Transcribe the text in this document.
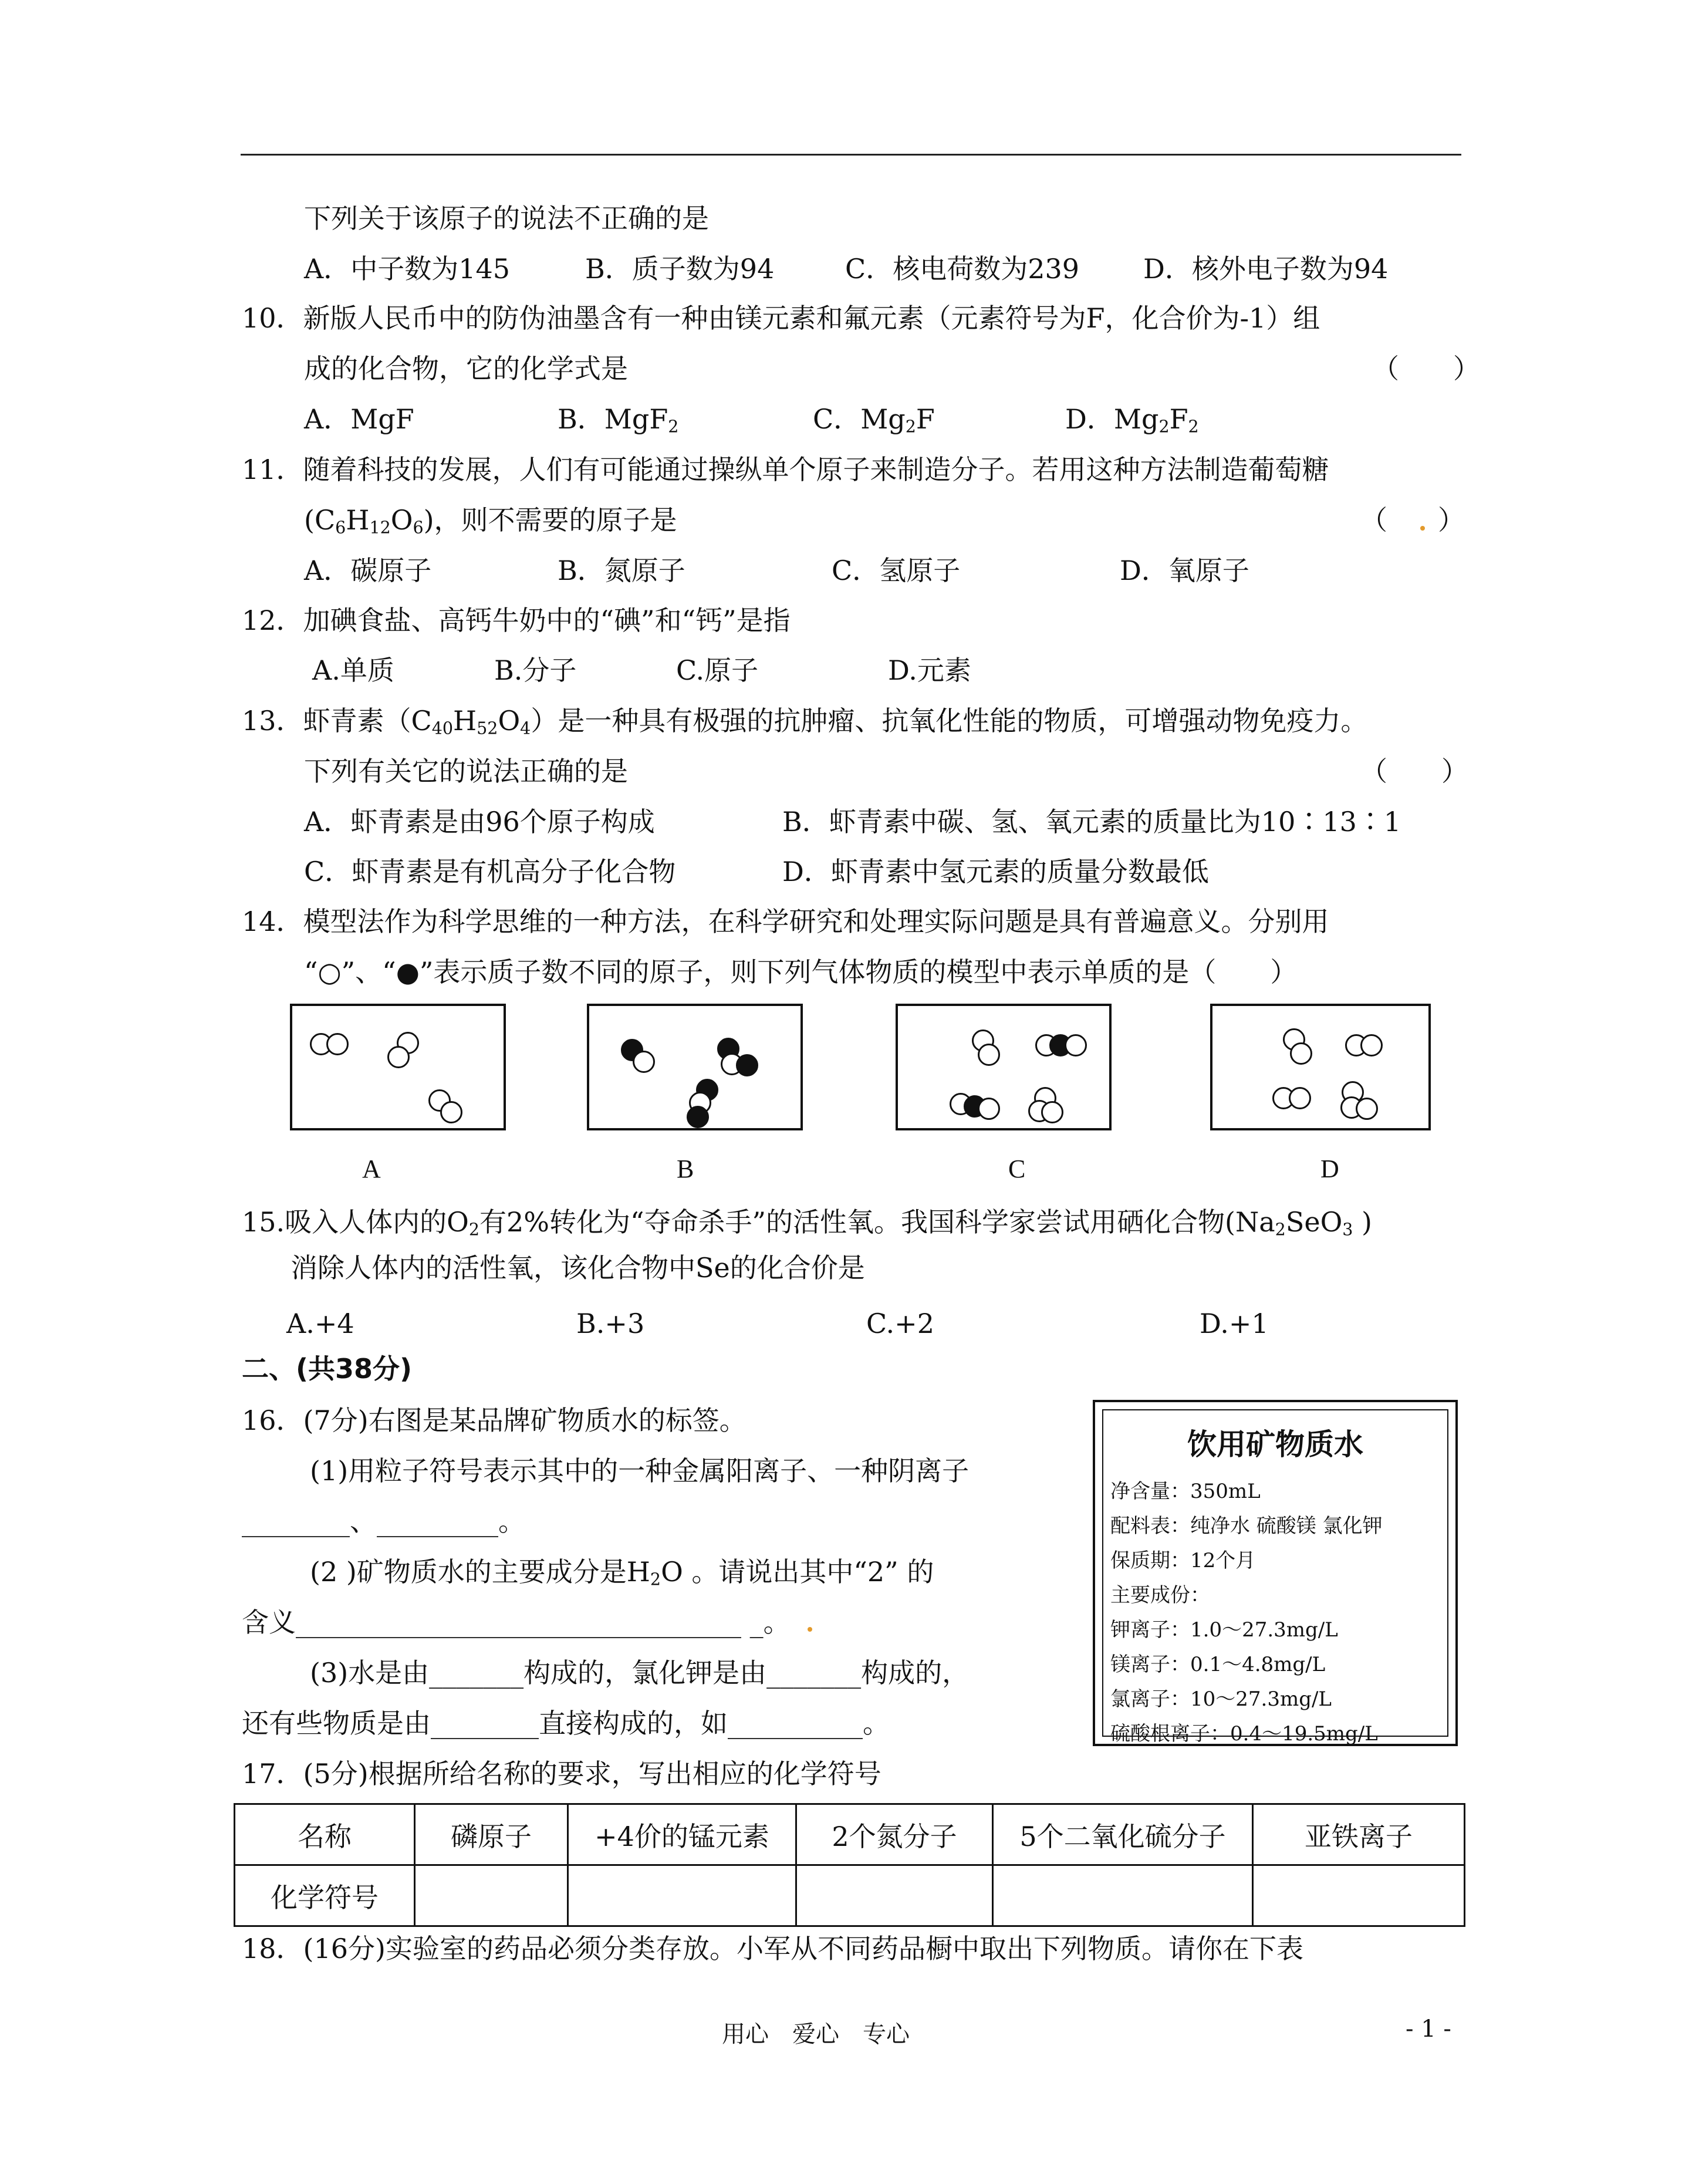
下列关于该原子的说法不正确的是
A．中子数为145	B．质子数为94	C．核电荷数为239 D．核外电子数为94
10．新版人民币中的防伪油墨含有一种由镁元素和氟元素（元素符号为F，化合价为-1）组
成的化合物，它的化学式是	（　　）
A．MgF	B．MgF$_2$	C．$Mg_2F$	D．$Mg_2F_2$
11．随着科技的发展，人们有可能通过操纵单个原子来制造分子。若用这种方法制造葡萄糖
$(C_6H_{12}O_6)$，则不需要的原子是	（ ）
A．碳原子	B．氮原子	C．氢原子	D．氧原子
12．加碘食盐、高钙牛奶中的“碘”和“钙”是指
A.单质	B.分子	C.原子	D.元素
13．虾青素$(C_{40}H_{52}O_4)$是一种具有极强的抗肿瘤、抗氧化性能的物质，可增强动物免疫力。
下列有关它的说法正确的是	（　　）
A．虾青素是由96个原子构成	B．虾青素中碳、氢、氧元素的质量比为10∶13∶1
C．虾青素是有机高分子化合物	D．虾青素中氢元素的质量分数最低
14．模型法作为科学思维的一种方法，在科学研究和处理实际问题是具有普遍意义。分别用
“○”、“●”表示质子数不同的原子，则下列气体物质的模型中表示单质的是（　　）
A	B	C	D
15.吸入人体内的$O_2$有2%转化为“夺命杀手”的活性氧。我国科学家尝试用硒化合物($Na_2SeO_3$ )
消除人体内的活性氧，该化合物中Se的化合价是
A.+4	B.+3	C.+2	D.+1
二、(共38分)
16．(7分)右图是某品牌矿物质水的标签。
(1)用粒子符号表示其中的一种金属阳离子、一种阴离子
________、_________。
(2 )矿物质水的主要成分是$H_2O$ 。请说出其中“2” 的
含义_________________________________ _。
(3)水是由_______构成的，氯化钾是由_______构成的，
还有些物质是由________直接构成的，如__________。
饮用矿物质水
净含量：350mL
配料表：纯净水 硫酸镁 氯化钾
保质期：12个月
主要成份：
钾离子：1.0～27.3mg/L
镁离子：0.1～4.8mg/L
氯离子：10～27.3mg/L
硫酸根离子：0.4～19.5mg/L
17．(5分)根据所给名称的要求，写出相应的化学符号
名称	磷原子	+4价的锰元素	2个氮分子	5个二氧化硫分子	亚铁离子
化学符号					
18．(16分)实验室的药品必须分类存放。小军从不同药品橱中取出下列物质。请你在下表
用心　爱心　专心	- 1 -
